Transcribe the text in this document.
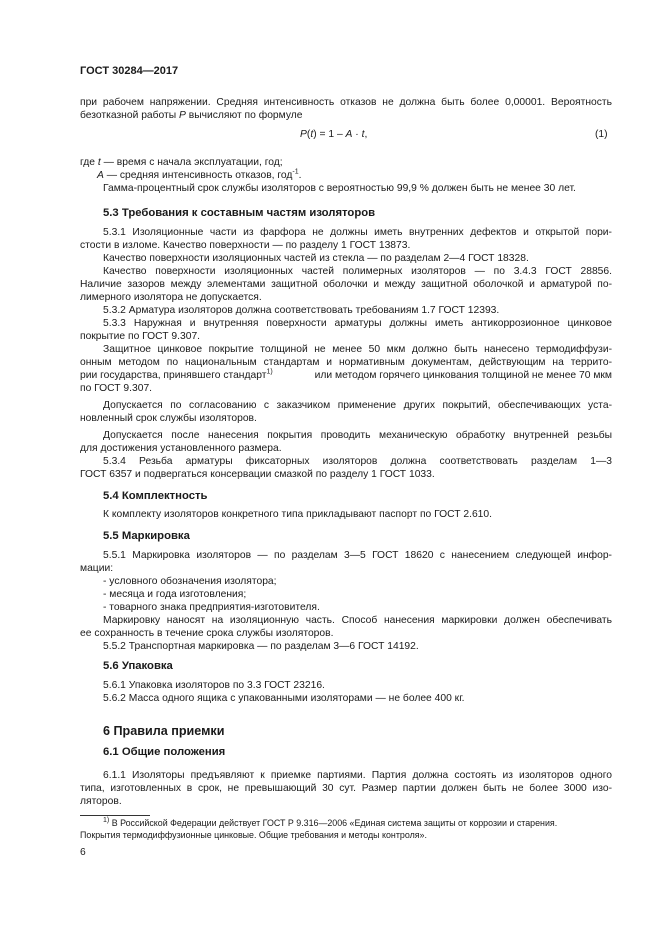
ГОСТ 30284—2017
при рабочем напряжении. Средняя интенсивность отказов не должна быть более 0,00001. Вероятность
безотказной работы P вычисляют по формуле
P(t) = 1 – A · t,	(1)
где t — время с начала эксплуатации, год;
A — средняя интенсивность отказов, год$^{-1}$.
Гамма-процентный срок службы изоляторов с вероятностью 99,9 % должен быть не менее 30 лет.
5.3 Требования к составным частям изоляторов
5.3.1 Изоляционные части из фарфора не должны иметь внутренних дефектов и открытой пори-
стости в изломе. Качество поверхности — по разделу 1 ГОСТ 13873.
Качество поверхности изоляционных частей из стекла — по разделам 2—4 ГОСТ 18328.
Качество поверхности изоляционных частей полимерных изоляторов — по 3.4.3 ГОСТ 28856.
Наличие зазоров между элементами защитной оболочки и между защитной оболочкой и арматурой по-
лимерного изолятора не допускается.
5.3.2 Арматура изоляторов должна соответствовать требованиям 1.7 ГОСТ 12393.
5.3.3 Наружная и внутренняя поверхности арматуры должны иметь антикоррозионное цинковое
покрытие по ГОСТ 9.307.
Защитное цинковое покрытие толщиной не менее 50 мкм должно быть нанесено термодиффузи-
онным методом по национальным стандартам и нормативным документам, действующим на террито-
рии государства, принявшего стандарт$^{1)}$	или методом горячего цинкования толщиной не менее 70 мкм
по ГОСТ 9.307.
Допускается по согласованию с заказчиком применение других покрытий, обеспечивающих уста-
новленный срок службы изоляторов.
Допускается после нанесения покрытия проводить механическую обработку внутренней резьбы
для достижения установленного размера.
5.3.4 Резьба арматуры фиксаторных изоляторов должна соответствовать разделам 1—3
ГОСТ 6357 и подвергаться консервации смазкой по разделу 1 ГОСТ 1033.
5.4 Комплектность
К комплекту изоляторов конкретного типа прикладывают паспорт по ГОСТ 2.610.
5.5 Маркировка
5.5.1 Маркировка изоляторов — по разделам 3—5 ГОСТ 18620 с нанесением следующей инфор-
мации:
- условного обозначения изолятора;
- месяца и года изготовления;
- товарного знака предприятия-изготовителя.
Маркировку наносят на изоляционную часть. Способ нанесения маркировки должен обеспечивать
ее сохранность в течение срока службы изоляторов.
5.5.2 Транспортная маркировка — по разделам 3—6 ГОСТ 14192.
5.6 Упаковка
5.6.1 Упаковка изоляторов по 3.3 ГОСТ 23216.
5.6.2 Масса одного ящика с упакованными изоляторами — не более 400 кг.
6 Правила приемки
6.1 Общие положения
6.1.1 Изоляторы предъявляют к приемке партиями. Партия должна состоять из изоляторов одного
типа, изготовленных в срок, не превышающий 30 сут. Размер партии должен быть не более 3000 изо-
ляторов.
$^{1)}$ В Российской Федерации действует ГОСТ Р 9.316—2006 «Единая система защиты от коррозии и старения.
Покрытия термодиффузионные цинковые. Общие требования и методы контроля».
6
